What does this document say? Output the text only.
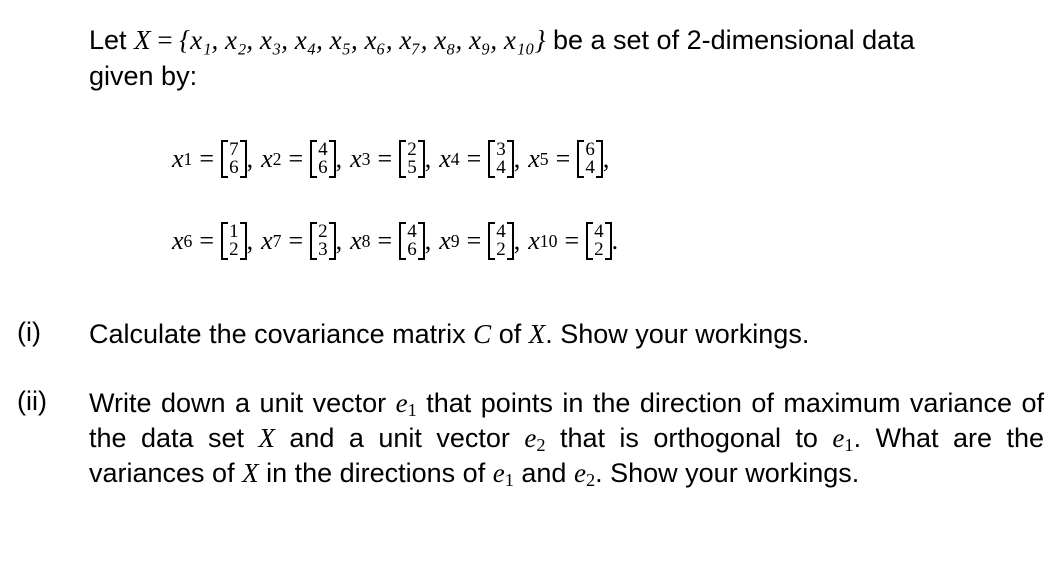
Let X = {x₁, x₂, x₃, x₄, x₅, x₆, x₇, x₈, x₉, x₁₀} be a set of 2-dimensional data
given by:
x 1 = 7
6 , x 2 = 4
6 , x 3 = 2
5 , x 4 = 3
4 , x 5 = 6
4 ,
x 6 = 1
2 , x 7 = 2
3 , x 8 = 4
6 , x 9 = 4
2 , x 10 = 4
2 .
(i) Calculate the covariance matrix C of X. Show your workings.
(ii) Write down a unit vector $e_1$ that points in the direction of maximum variance of the data set X and a unit vector $e_2$ that is orthogonal to $e_1$. What are the variances of X in the directions of $e_1$ and $e_2$. Show your workings.
